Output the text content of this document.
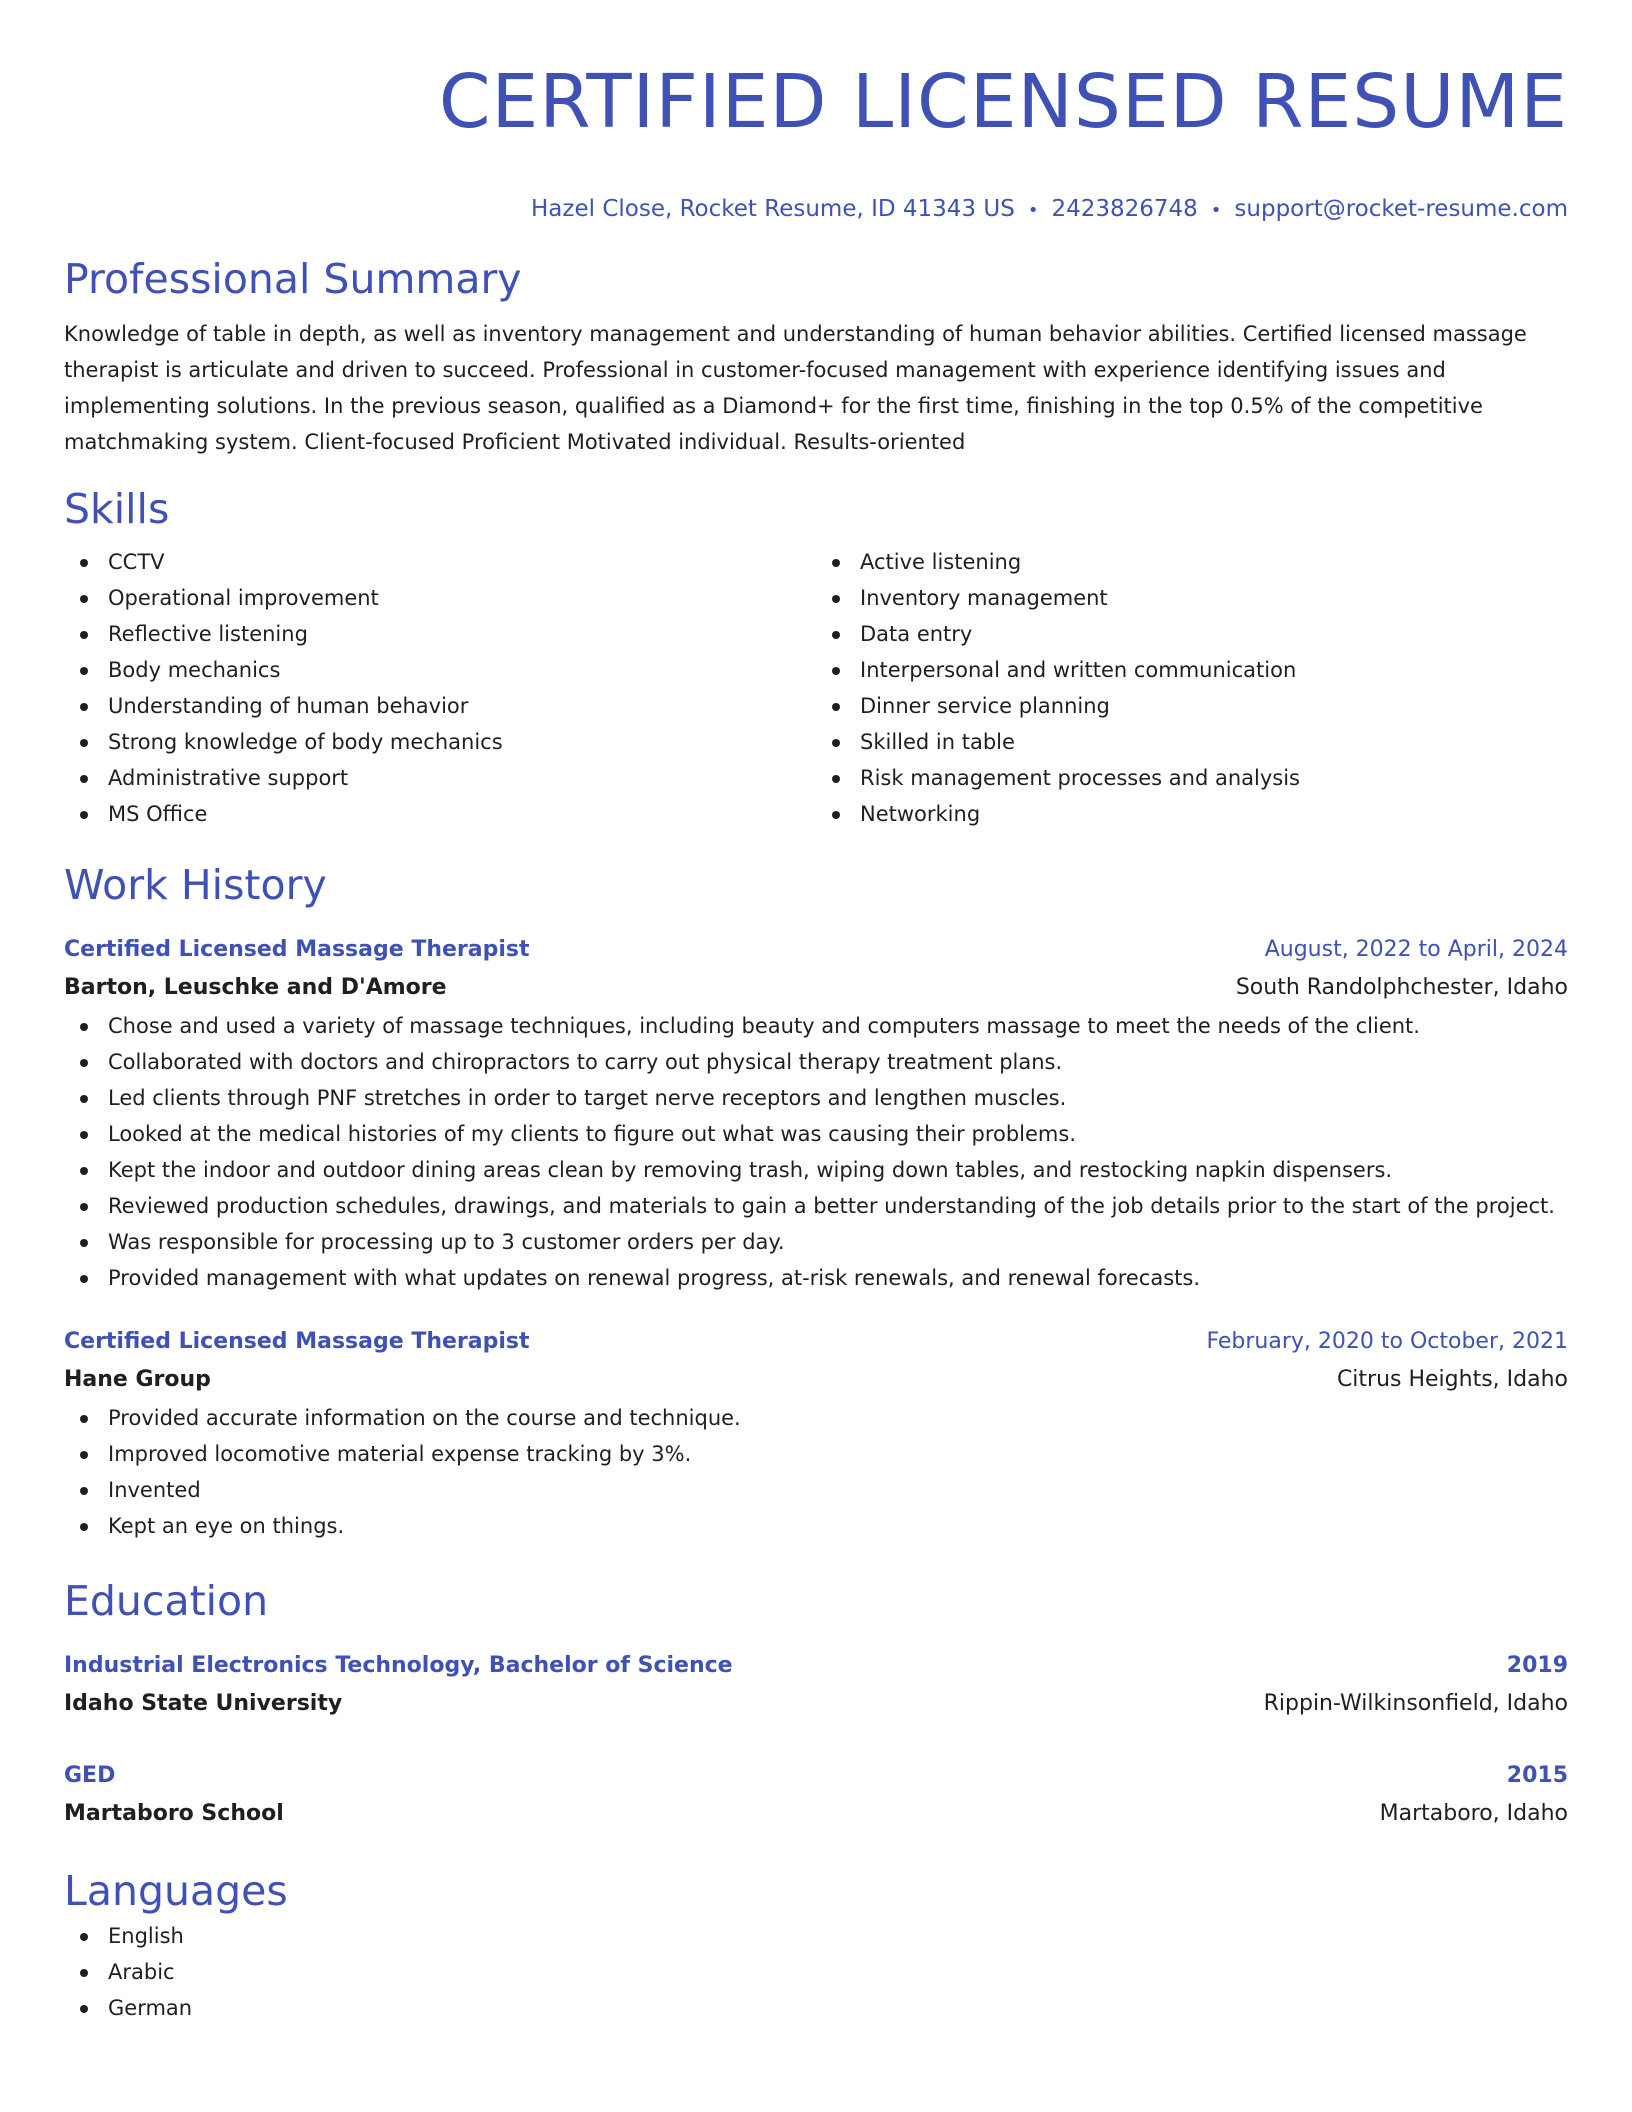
CERTIFIED LICENSED RESUME
Hazel Close, Rocket Resume, ID 41343 US • 2423826748 • support@rocket-resume.com
Professional Summary

Knowledge of table in depth, as well as inventory management and understanding of human behavior abilities. Certified licensed massage therapist is articulate and driven to succeed. Professional in customer-focused management with experience identifying issues and implementing solutions. In the previous season, qualified as a Diamond+ for the first time, finishing in the top 0.5% of the competitive matchmaking system. Client-focused Proficient Motivated individual. Results-oriented

Skills
CCTV
Operational improvement
Reflective listening
Body mechanics
Understanding of human behavior
Strong knowledge of body mechanics
Administrative support
MS Office
Active listening
Inventory management
Data entry
Interpersonal and written communication
Dinner service planning
Skilled in table
Risk management processes and analysis
Networking
Work History
Certified Licensed Massage Therapist	August, 2022 to April, 2024
Barton, Leuschke and D'Amore	South Randolphchester, Idaho
Chose and used a variety of massage techniques, including beauty and computers massage to meet the needs of the client.
Collaborated with doctors and chiropractors to carry out physical therapy treatment plans.
Led clients through PNF stretches in order to target nerve receptors and lengthen muscles.
Looked at the medical histories of my clients to figure out what was causing their problems.
Kept the indoor and outdoor dining areas clean by removing trash, wiping down tables, and restocking napkin dispensers.
Reviewed production schedules, drawings, and materials to gain a better understanding of the job details prior to the start of the project.
Was responsible for processing up to 3 customer orders per day.
Provided management with what updates on renewal progress, at-risk renewals, and renewal forecasts.
Certified Licensed Massage Therapist	February, 2020 to October, 2021
Hane Group	Citrus Heights, Idaho
Provided accurate information on the course and technique.
Improved locomotive material expense tracking by 3%.
Invented
Kept an eye on things.
Education
Industrial Electronics Technology, Bachelor of Science	2019
Idaho State University	Rippin-Wilkinsonfield, Idaho
GED	2015
Martaboro School	Martaboro, Idaho
Languages
English
Arabic
German
